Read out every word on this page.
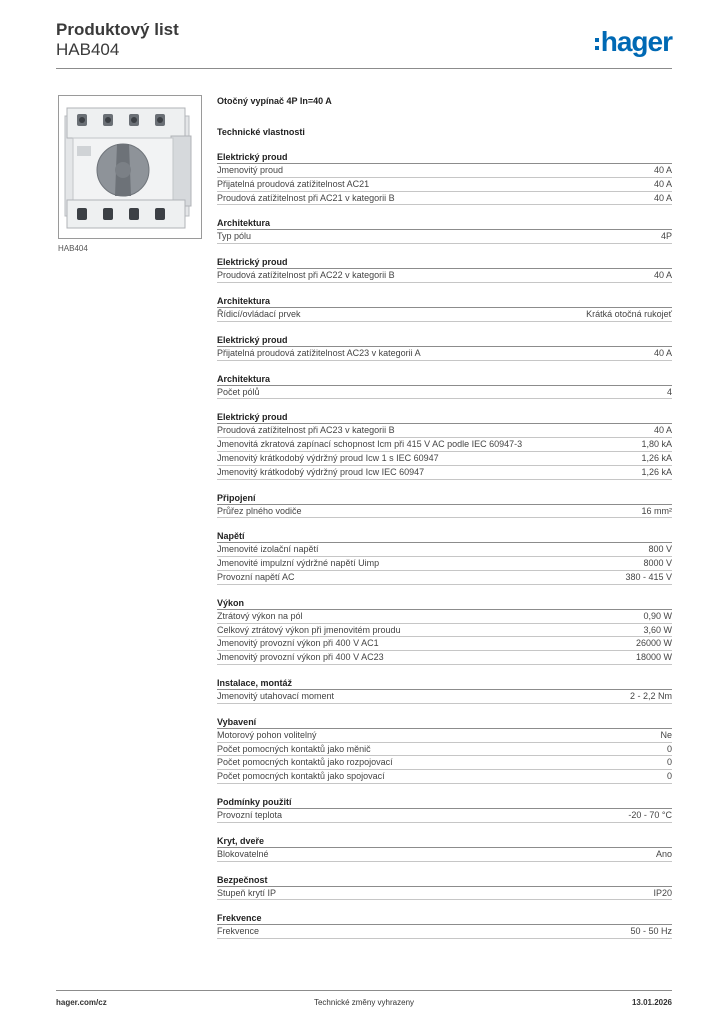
Produktový list
HAB404	hager
HAB404
Otočný vypínač 4P In=40 A
Technické vlastnosti
Elektrický proud
Jmenovitý proud	40 A
Přijatelná proudová zatížitelnost AC21	40 A
Proudová zatížitelnost při AC21 v kategorii B	40 A
Architektura
Typ pólu	4P
Elektrický proud
Proudová zatížitelnost při AC22 v kategorii B	40 A
Architektura
Řídicí/ovládací prvek	Krátká otočná rukojeť
Elektrický proud
Přijatelná proudová zatížitelnost AC23 v kategorii A	40 A
Architektura
Počet pólů	4
Elektrický proud
Proudová zatížitelnost při AC23 v kategorii B	40 A
Jmenovitá zkratová zapínací schopnost Icm při 415 V AC podle IEC 60947-3	1,80 kA
Jmenovitý krátkodobý výdržný proud Icw 1 s IEC 60947	1,26 kA
Jmenovitý krátkodobý výdržný proud Icw IEC 60947	1,26 kA
Připojení
Průřez plného vodiče	16 mm²
Napětí
Jmenovité izolační napětí	800 V
Jmenovité impulzní výdržné napětí Uimp	8000 V
Provozní napětí AC	380 - 415 V
Výkon
Ztrátový výkon na pól	0,90 W
Celkový ztrátový výkon při jmenovitém proudu	3,60 W
Jmenovitý provozní výkon při 400 V AC1	26000 W
Jmenovitý provozní výkon při 400 V AC23	18000 W
Instalace, montáž
Jmenovitý utahovací moment	2 - 2,2 Nm
Vybavení
Motorový pohon volitelný	Ne
Počet pomocných kontaktů jako měnič	0
Počet pomocných kontaktů jako rozpojovací	0
Počet pomocných kontaktů jako spojovací	0
Podmínky použití
Provozní teplota	-20 - 70 °C
Kryt, dveře
Blokovatelné	Ano
Bezpečnost
Stupeň krytí IP	IP20
Frekvence
Frekvence	50 - 50 Hz
hager.com/cz	Technické změny vyhrazeny	13.01.2026
